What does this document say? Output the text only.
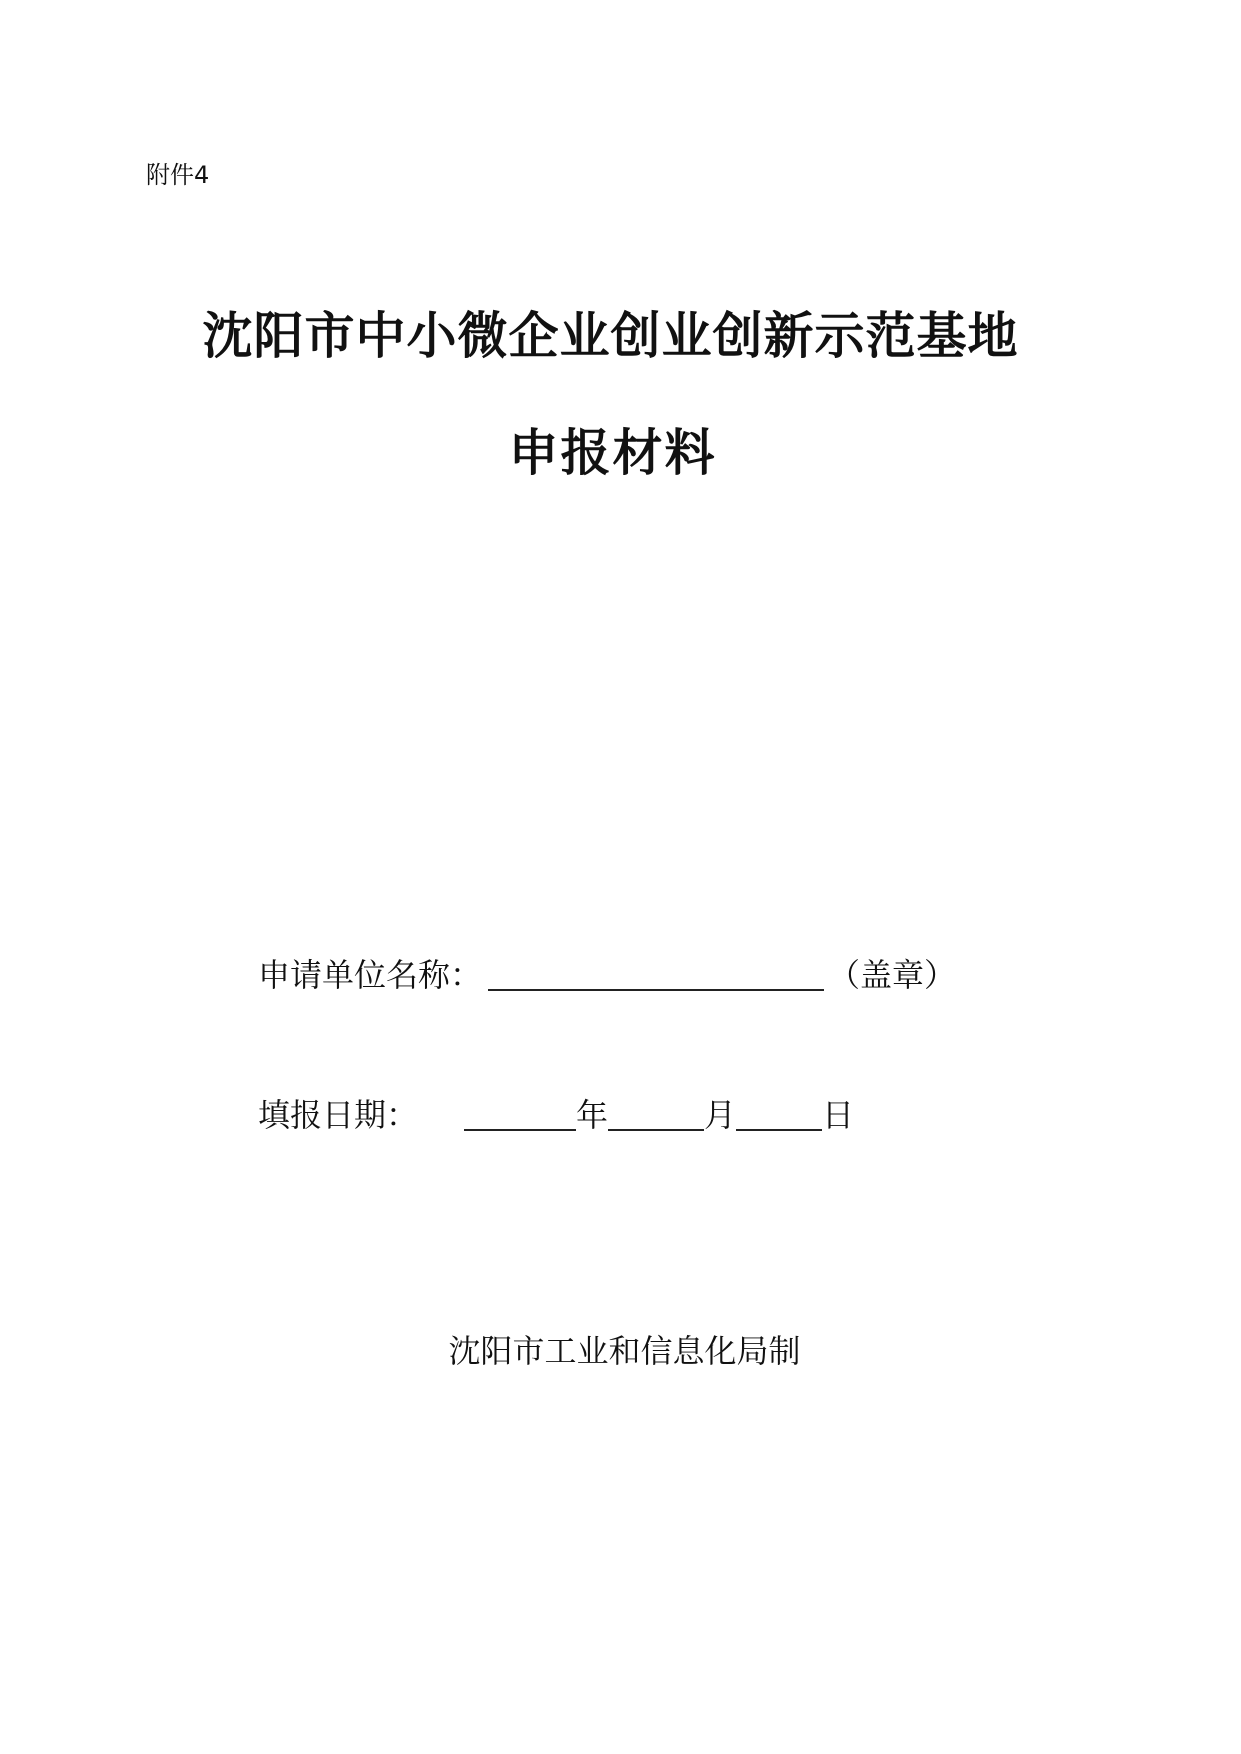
附件4
沈阳市中小微企业创业创新示范基地
申报材料
申请单位名称：	（盖章）
填报日期：	年	月	日
沈阳市工业和信息化局制
